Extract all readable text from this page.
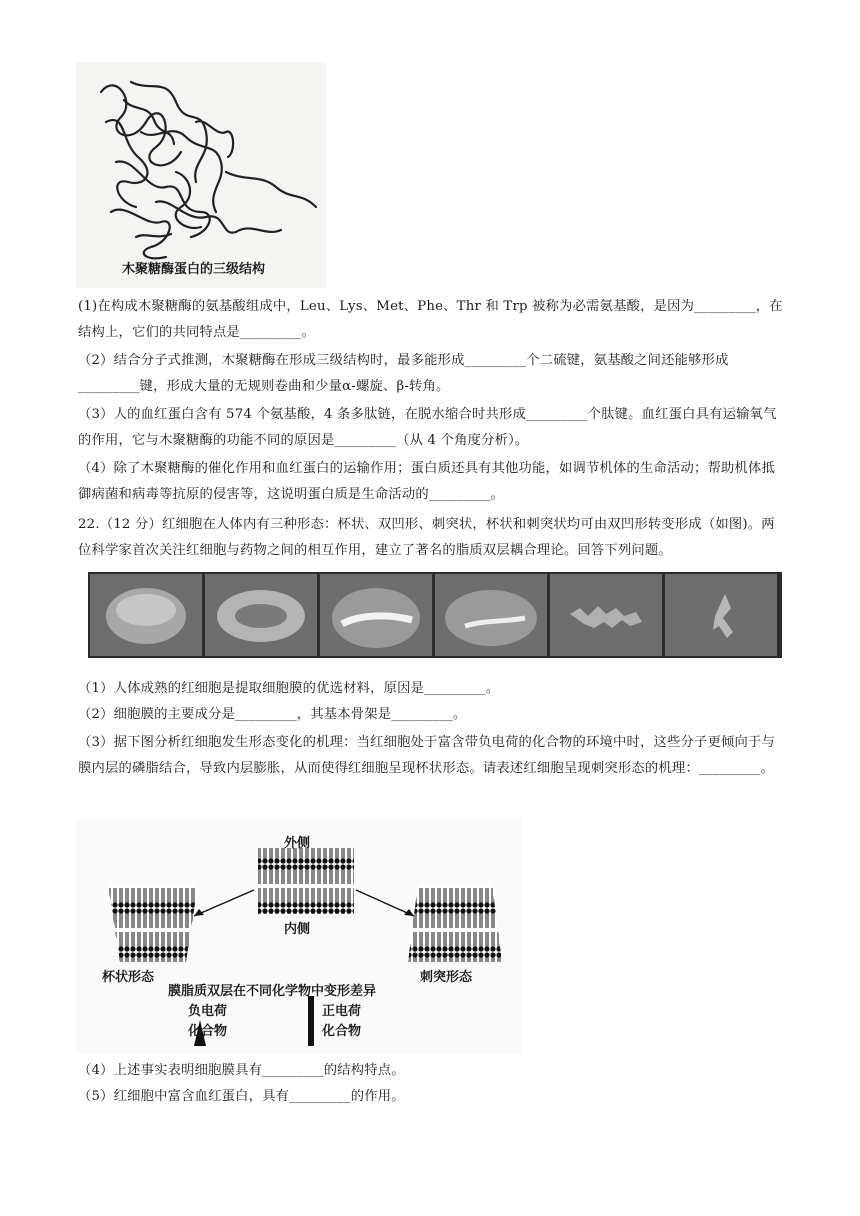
木聚糖酶蛋白的三级结构
(1)在构成木聚糖酶的氨基酸组成中，Leu、Lys、Met、Phe、Thr 和 Trp 被称为必需氨基酸，是因为_________，在结构上，它们的共同特点是_________。
（2）结合分子式推测，木聚糖酶在形成三级结构时，最多能形成_________个二硫键，氨基酸之间还能够形成_________键，形成大量的无规则卷曲和少量α-螺旋、β-转角。
（3）人的血红蛋白含有 574 个氨基酸，4 条多肽链，在脱水缩合时共形成_________个肽键。血红蛋白具有运输氧气的作用，它与木聚糖酶的功能不同的原因是_________（从 4 个角度分析）。
（4）除了木聚糖酶的催化作用和血红蛋白的运输作用；蛋白质还具有其他功能，如调节机体的生命活动；帮助机体抵御病菌和病毒等抗原的侵害等，这说明蛋白质是生命活动的_________。
22.（12 分）红细胞在人体内有三种形态：杯状、双凹形、刺突状，杯状和刺突状均可由双凹形转变形成（如图)。两位科学家首次关注红细胞与药物之间的相互作用，建立了著名的脂质双层耦合理论。回答下列问题。
（1）人体成熟的红细胞是提取细胞膜的优选材料，原因是_________。
（2）细胞膜的主要成分是_________，其基本骨架是_________。
（3）据下图分析红细胞发生形态变化的机理：当红细胞处于富含带负电荷的化合物的环境中时，这些分子更倾向于与膜内层的磷脂结合，导致内层膨胀，从而使得红细胞呈现杯状形态。请表述红细胞呈现刺突形态的机理：_________。
外侧
内侧
杯状形态	刺突形态
膜脂质双层在不同化学物中变形差异
负电荷
化合物
正电荷
化合物
（4）上述事实表明细胞膜具有_________的结构特点。
（5）红细胞中富含血红蛋白，具有_________的作用。
